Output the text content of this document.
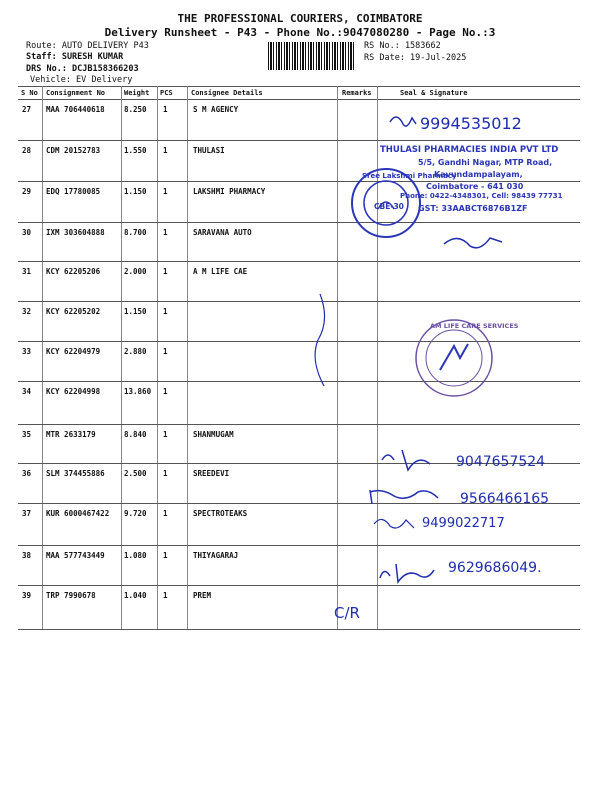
THE PROFESSIONAL COURIERS, COIMBATORE
Delivery Runsheet - P43 - Phone No.:9047080280 - Page No.:3
Route: AUTO DELIVERY P43
Staff: SURESH KUMAR
DRS No.: DCJB158366203
Vehicle: EV Delivery
RS No.: 1583662
RS Date: 19-Jul-2025
S No Consignment No	Weight PCS	Consignee Details	Remarks	Seal & Signature
27 MAA 706440618	8.250 1	S M AGENCY
28 CDM 20152783	1.550 1	THULASI
29 EDQ 17780085	1.150 1	LAKSHMI PHARMACY
30 IXM 303604888	8.700 1	SARAVANA AUTO
31 KCY 62205206	2.000 1	A M LIFE CAE
32 KCY 62205202	1.150 1
33 KCY 62204979	2.880 1
34 KCY 62204998	13.860 1
35 MTR 2633179	8.840 1	SHANMUGAM
36 SLM 374455886	2.500 1	SREEDEVI
37 KUR 6000467422 9.720 1	SPECTROTEAKS
38 MAA 577743449	1.080 1	THIYAGARAJ
39 TRP 7990678	1.040 1	PREM
Sree Lakshmi Pharmacy
CBE-30
THULASI PHARMACIES INDIA PVT LTD
5/5, Gandhi Nagar, MTP Road,
Kavundampalayam,
Coimbatore - 641 030
Phone: 0422-4348301, Cell: 98439 77731
GST: 33AABCT6876B1ZF
AM LIFE CARE SERVICES
9994535012
9047657524
9566466165
9499022717
9629686049.
C/R
